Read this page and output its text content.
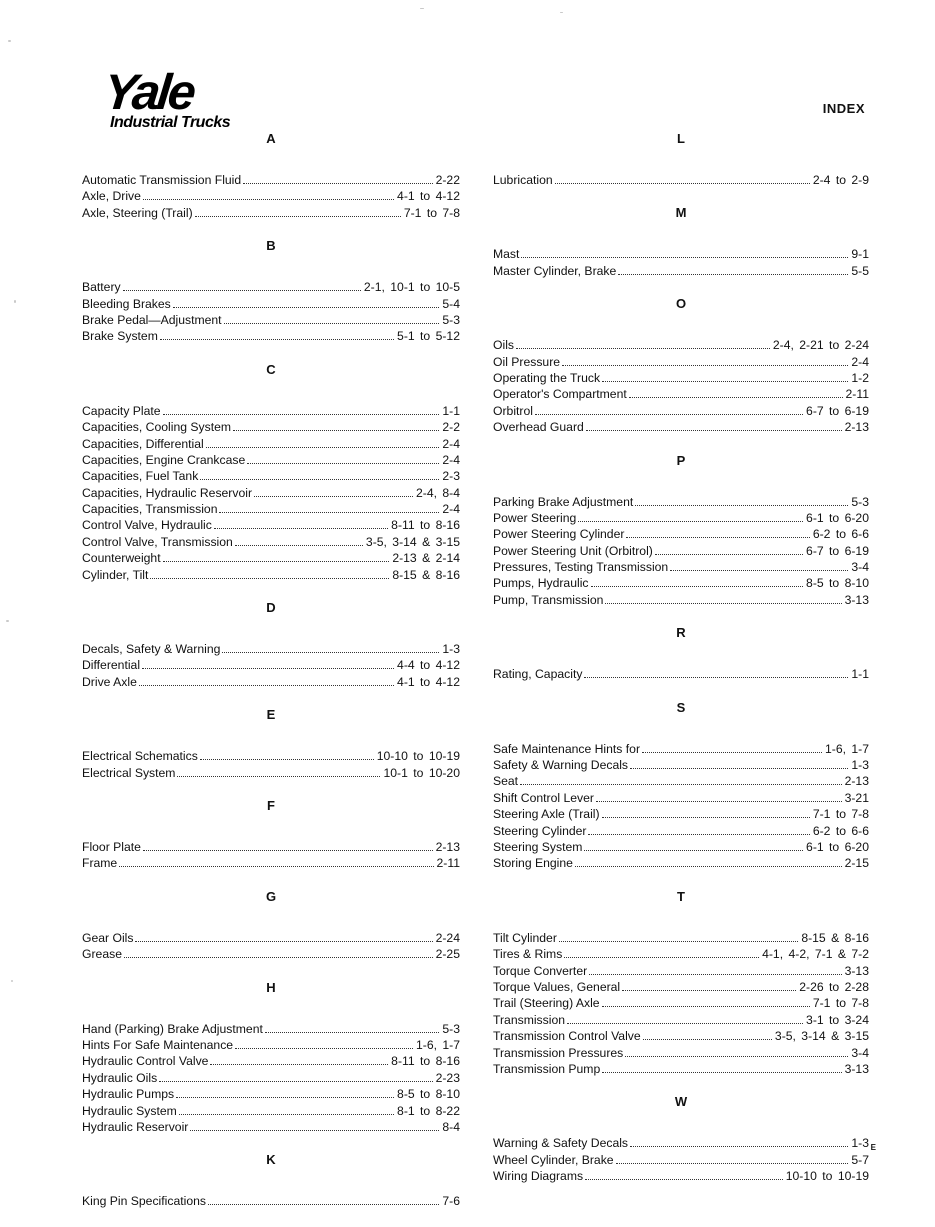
Yale
Industrial Trucks
INDEX
A
Automatic Transmission Fluid	2-22
Axle, Drive	4-1 to 4-12
Axle, Steering (Trail)	7-1 to 7-8
B
Battery	2-1, 10-1 to 10-5
Bleeding Brakes	5-4
Brake Pedal—Adjustment	5-3
Brake System	5-1 to 5-12
C
Capacity Plate	1-1
Capacities, Cooling System	2-2
Capacities, Differential	2-4
Capacities, Engine Crankcase	2-4
Capacities, Fuel Tank	2-3
Capacities, Hydraulic Reservoir	2-4, 8-4
Capacities, Transmission	2-4
Control Valve, Hydraulic	8-11 to 8-16
Control Valve, Transmission	3-5, 3-14 & 3-15
Counterweight	2-13 & 2-14
Cylinder, Tilt	8-15 & 8-16
D
Decals, Safety & Warning	1-3
Differential	4-4 to 4-12
Drive Axle	4-1 to 4-12
E
Electrical Schematics	10-10 to 10-19
Electrical System	10-1 to 10-20
F
Floor Plate	2-13
Frame	2-11
G
Gear Oils	2-24
Grease	2-25
H
Hand (Parking) Brake Adjustment	5-3
Hints For Safe Maintenance	1-6, 1-7
Hydraulic Control Valve	8-11 to 8-16
Hydraulic Oils	2-23
Hydraulic Pumps	8-5 to 8-10
Hydraulic System	8-1 to 8-22
Hydraulic Reservoir	8-4
K
King Pin Specifications	7-6
L
Lubrication	2-4 to 2-9
M
Mast	9-1
Master Cylinder, Brake	5-5
O
Oils	2-4, 2-21 to 2-24
Oil Pressure	2-4
Operating the Truck	1-2
Operator's Compartment	2-11
Orbitrol	6-7 to 6-19
Overhead Guard	2-13
P
Parking Brake Adjustment	5-3
Power Steering	6-1 to 6-20
Power Steering Cylinder	6-2 to 6-6
Power Steering Unit (Orbitrol)	6-7 to 6-19
Pressures, Testing Transmission	3-4
Pumps, Hydraulic	8-5 to 8-10
Pump, Transmission	3-13
R
Rating, Capacity	1-1
S
Safe Maintenance Hints for	1-6, 1-7
Safety & Warning Decals	1-3
Seat	2-13
Shift Control Lever	3-21
Steering Axle (Trail)	7-1 to 7-8
Steering Cylinder	6-2 to 6-6
Steering System	6-1 to 6-20
Storing Engine	2-15
T
Tilt Cylinder	8-15 & 8-16
Tires & Rims	4-1, 4-2, 7-1 & 7-2
Torque Converter	3-13
Torque Values, General	2-26 to 2-28
Trail (Steering) Axle	7-1 to 7-8
Transmission	3-1 to 3-24
Transmission Control Valve	3-5, 3-14 & 3-15
Transmission Pressures	3-4
Transmission Pump	3-13
W
Warning & Safety Decals	1-3
Wheel Cylinder, Brake	5-7
Wiring Diagrams	10-10 to 10-19
E
